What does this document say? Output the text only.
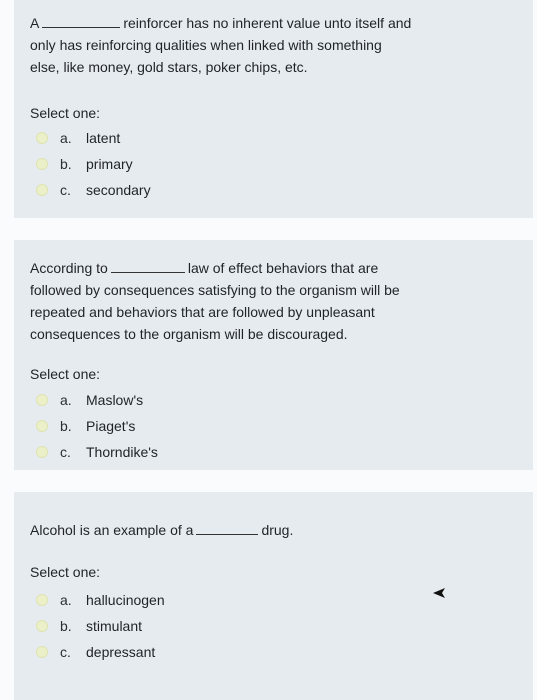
A	reinforcer has no inherent value unto itself and
only has reinforcing qualities when linked with something
else, like money, gold stars, poker chips, etc.
Select one:
a.	latent
b.	primary
c.	secondary
According to	law of effect behaviors that are
followed by consequences satisfying to the organism will be
repeated and behaviors that are followed by unpleasant
consequences to the organism will be discouraged.
Select one:
a.	Maslow's
b.	Piaget's
c.	Thorndike's
Alcohol is an example of a	drug.
Select one:
a.	hallucinogen
b.	stimulant
c.	depressant
